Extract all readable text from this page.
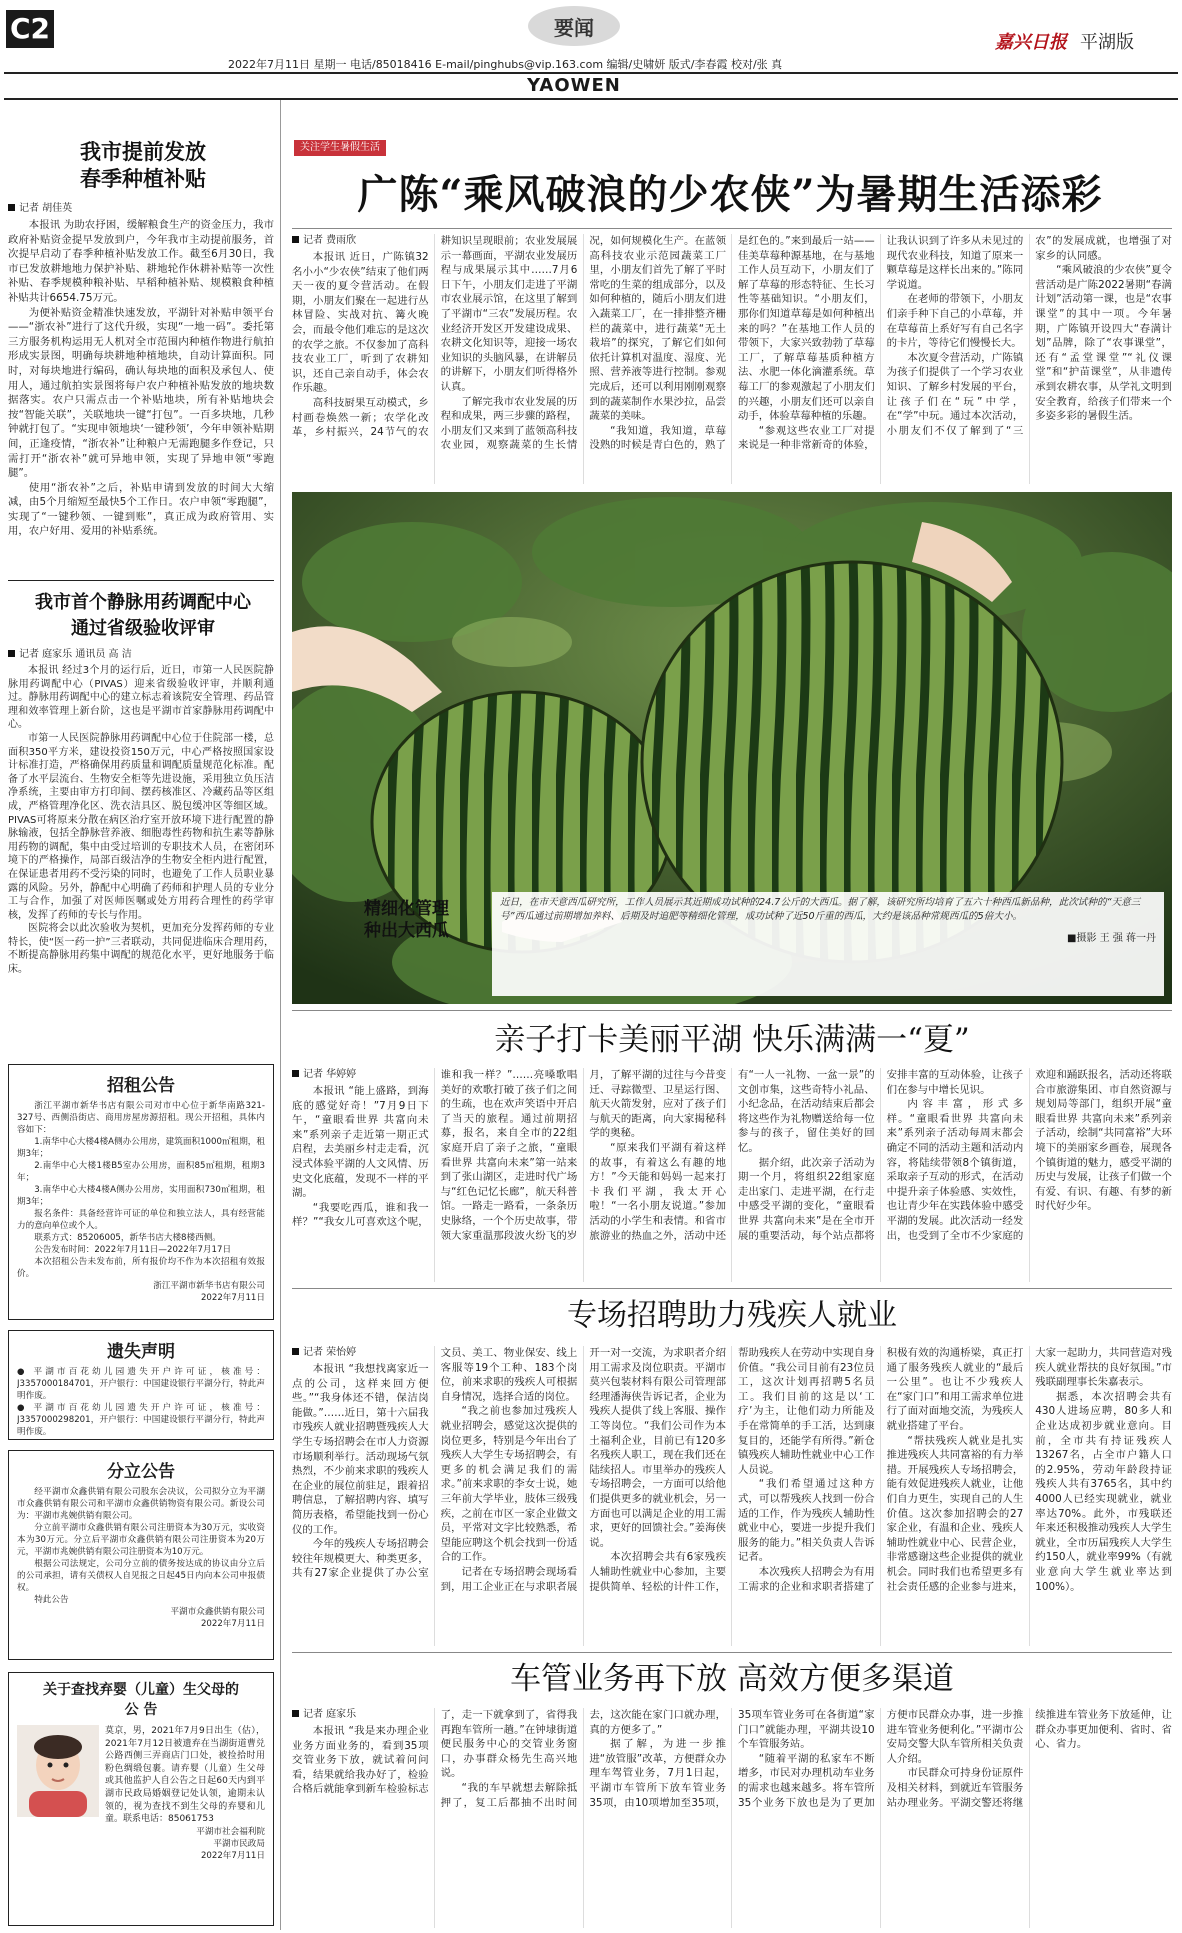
C2	要闻
嘉兴日报 平湖版
2022年7月11日 星期一 电话/85018416 E-mail/pinghubs@vip.163.com 编辑/史啸妍 版式/李春霞 校对/张 真
YAOWEN
我市提前发放
春季种植补贴
记者 胡佳英

本报讯 为助农抒困，缓解粮食生产的资金压力，我市政府补贴资金提早发放到户，今年我市主动提前服务，首次提早启动了春季种植补贴发放工作。截至6月30日，我市已发放耕地地力保护补贴、耕地轮作休耕补贴等一次性补贴、春季规模种粮补贴、早稻种植补贴、规模粮食种植补贴共计6654.75万元。

为便补贴资金精准快速发放，平湖针对补贴申领平台——“浙农补”进行了这代升级，实现“一地一码”。委托第三方服务机构运用无人机对全市范围内种植作物进行航拍形成实景图，明确每块耕地种植地块，自动计算面积。同时，对每块地进行编码，确认每块地的面积及承包人、使用人，通过航拍实景图将每户农户种植补贴发放的地块数据落实。农户只需点击一个补贴地块，所有补贴地块会按“智能关联”，关联地块一键“打包”。一百多块地，几秒钟就打包了。“实现申领地块‘一键秒领’，今年申领补贴期间，正逢疫情，“浙农补”让种粮户无需跑腿多作登记，只需打开“浙农补”就可异地申领，实现了异地申领“零跑腿”。

使用“浙农补”之后，补贴申请到发放的时间大大缩减，由5个月缩短至最快5个工作日。农户申领“零跑腿”，实现了“一键秒领、一键到账”，真正成为政府管用、实用，农户好用、爱用的补贴系统。

我市首个静脉用药调配中心
通过省级验收评审
记者 庭家乐 通讯员 高 洁

本报讯 经过3个月的运行后，近日，市第一人民医院静脉用药调配中心（PIVAS）迎来省级验收评审，并顺利通过。静脉用药调配中心的建立标志着该院安全管理、药品管理和效率管理上新台阶，这也是平湖市首家静脉用药调配中心。

市第一人民医院静脉用药调配中心位于住院部一楼，总面积350平方米，建设投资150万元，中心严格按照国家设计标准打造，严格确保用药质量和调配质量规范化标准。配备了水平层流台、生物安全柜等先进设施，采用独立负压洁净系统，主要由审方打印间、摆药核准区、冷藏药品等区组成，严格管理净化区、洗衣洁具区、脱包缓冲区等细区域。PIVAS可将原来分散在病区治疗室开放环境下进行配置的静脉输液，包括全静脉营养液、细胞毒性药物和抗生素等静脉用药物的调配，集中由受过培训的专职技术人员，在密闭环境下的严格操作，局部百级洁净的生物安全柜内进行配置，在保证患者用药不受污染的同时，也避免了工作人员职业暴露的风险。另外，静配中心明确了药师和护理人员的专业分工与合作，加强了对医师医嘱或处方用药合理性的药学审核，发挥了药师的专长与作用。

医院将会以此次验收为契机，更加充分发挥药师的专业特长，使“医一药一护”三者联动，共同促进临床合理用药，不断提高静脉用药集中调配的规范化水平，更好地服务于临床。

招租公告

浙江平湖市新华书店有限公司对市中心位于新华南路321-327号、西侧沿街店、商用房屋房源招租。现公开招租，具体内容如下：

1.南华中心大楼4楼A侧办公用房，建筑面积1000㎡租期，租期3年；

2.南华中心大楼1楼B5室办公用房，面积85㎡租期，租期3年；

3.南华中心大楼4楼A侧办公用房，实用面积730㎡租期，租期3年；

报名条件：具备经营许可证的单位和独立法人，具有经营能力的意向单位或个人。

联系方式：85206005，新华书店大楼8楼西侧。

公告发布时间：2022年7月11日—2022年7月17日

本次招租公告未发布前，所有报价均不作为本次招租有效报价。

浙江平湖市新华书店有限公司
2022年7月11日
遗失声明
● 平湖市百花幼儿园遗失开户许可证，核准号：J3357000184701，开户银行：中国建设银行平湖分行，特此声明作废。
● 平湖市百花幼儿园遗失开户许可证，核准号：J3357000298201，开户银行：中国建设银行平湖分行，特此声明作废。
分立公告

经平湖市众鑫供销有限公司股东会决议，公司拟分立为平湖市众鑫供销有限公司和平湖市众鑫供销物资有限公司。新设公司为：平湖市兆婉供销有限公司。

分立前平湖市众鑫供销有限公司注册资本为30万元，实收资本为30万元。分立后平湖市众鑫供销有限公司注册资本为20万元，平湖市兆婉供销有限公司注册资本为10万元。

根据公司法规定，公司分立前的债务按达成的协议由分立后的公司承担，请有关债权人自见报之日起45日内向本公司申报债权。

特此公告

平湖市众鑫供销有限公司
2022年7月11日
关于查找弃婴（儿童）生父母的
公 告
莫京，男，2021年7月9日出生（估），2021年7月12日被遗弃在当湖街道曹兑公路西侧三弄商店门口处，被捡拾时用粉色绸缎包裹。请弃婴（儿童）生父母或其他监护人自公告之日起60天内到平湖市民政局婚姻登记处认领，逾期未认领的，视为查找不到生父母的弃婴和儿童。联系电话：85061753
平湖市社会福利院
平湖市民政局
2022年7月11日
关注学生暑假生活
广陈“乘风破浪的少农侠”为暑期生活添彩
记者 费雨欣

本报讯 近日，广陈镇32名小小“少农侠”结束了他们两天一夜的夏令营活动。在假期，小朋友们聚在一起进行丛林冒险、实战对抗、篝火晚会，而最令他们难忘的是这次的农学之旅。不仅参加了高科技农业工厂，听到了农耕知识，还自己亲自动手，体会农作乐趣。

高科技厨果互动模式，乡村画卷焕然一新；农学化改革，乡村振兴，24节气的农耕知识呈现眼前；农业发展展示一幕画面，平湖农业发展历程与成果展示其中……7月6日下午，小朋友们走进了平湖市农业展示馆，在这里了解到了平湖市“三农”发展历程。农业经济开发区开发建设成果、农耕文化知识等，迎接一场农业知识的头脑风暴，在讲解员的讲解下，小朋友们听得格外认真。

了解完我市农业发展的历程和成果，两三步骤的路程，小朋友们又来到了蓝领高科技农业园，观察蔬菜的生长情况，如何规模化生产。在蓝领高科技农业示范园蔬菜工厂里，小朋友们首先了解了平时常吃的生菜的组成部分，以及如何种植的，随后小朋友们进入蔬菜工厂，在一排排整齐栅栏的蔬菜中，进行蔬菜“无土栽培”的探究，了解它们如何依托计算机对温度、湿度、光照、营养液等进行控制。参观完成后，还可以利用刚刚观察到的蔬菜制作水果沙拉，品尝蔬菜的美味。

“我知道，我知道，草莓没熟的时候是青白色的，熟了是红色的。”来到最后一站——佳美草莓种源基地，在与基地工作人员互动下，小朋友们了解了草莓的形态特征、生长习性等基础知识。“小朋友们，那你们知道草莓是如何种植出来的吗？”在基地工作人员的带领下，大家兴致勃勃了草莓工厂，了解草莓基质种植方法、水肥一体化滴灌系统。草莓工厂的参观激起了小朋友们的兴趣，小朋友们还可以亲自动手，体验草莓种植的乐趣。

“参观这些农业工厂对提来说是一种非常新奇的体验，让我认识到了许多从未见过的现代农业科技，知道了原来一颗草莓是这样长出来的。”陈同学说道。

在老师的带领下，小朋友们亲手种下自己的小草莓，并在草莓苗上系好写有自己名字的卡片，等待它们慢慢长大。

本次夏令营活动，广陈镇为孩子们提供了一个学习农业知识、了解乡村发展的平台，让孩子们在“玩”中学，在“学”中玩。通过本次活动，小朋友们不仅了解到了“三农”的发展成就，也增强了对家乡的认同感。

“乘风破浪的少农侠”夏令营活动是广陈2022暑期“春满计划”活动第一课，也是“农事课堂”的其中一项。今年暑期，广陈镇开设四大“春满计划”品牌，除了“农事课堂”，还有“孟堂课堂”“礼仪课堂”和“护苗课堂”，从非遗传承到农耕农事，从学礼文明到安全教育，给孩子们带来一个多姿多彩的暑假生活。

精细化管理
种出大西瓜
近日，在市天意西瓜研究所，工作人员展示其近期成功试种的24.7公斤的大西瓜。据了解，该研究所均培育了五六十种西瓜新品种，此次试种的“天意三号”西瓜通过前期增加养料、后期及时追肥等精细化管理，成功试种了近50斤重的西瓜，大约是该品种常规西瓜的5倍大小。
■摄影 王 强 蒋一丹
亲子打卡美丽平湖 快乐满满一“夏”
记者 华婷婷

本报讯 “能上盛路，到海底的感觉好奇！”7月9日下午，“童眼看世界 共富向未来”系列亲子走近第一期正式启程，去美丽乡村走走看，沉浸式体验平湖的人文风情、历史文化底蕴，发现不一样的平湖。

“我要吃西瓜，谁和我一样？”“我女儿可喜欢这个呢，谁和我一样？”……亮嗓歌唱美好的欢歌打破了孩子们之间的生疏，也在欢声笑语中开启了当天的旅程。通过前期招募，报名，来自全市的22组家庭开启了亲子之旅，“童眼看世界 共富向未来”第一站来到了张山湖区，走进时代广场与“红色记忆长廊”，航天科普馆。一路走一路看，一条条历史脉络，一个个历史故事，带领大家重温那段波火纷飞的岁月，了解平湖的过往与今昔变迁、寻踪微型、卫星运行图、航天火箭发射，应对了孩子们与航天的距离，向大家揭秘科学的奥秘。

“原来我们平湖有着这样的故事，有着这么有趣的地方！”今天能和妈妈一起来打卡我们平湖，我太开心啦！“一名小朋友说道。”参加活动的小学生和表情。和省市旅游业的热血之外，活动中还有“一人一礼物、一盆一景”的文创市集，这些奇特小礼品、小纪念品，在活动结束后都会将这些作为礼物赠送给每一位参与的孩子，留住美好的回忆。

据介绍，此次亲子活动为期一个月，将组织22组家庭走出家门、走进平湖，在行走中感受平湖的变化，“童眼看世界 共富向未来”是在全市开展的重要活动，每个站点都将安排丰富的互动体验，让孩子们在参与中增长见识。

内容丰富，形式多样。“童眼看世界 共富向未来”系列亲子活动每周末都会确定不同的活动主题和活动内容，将陆续带领8个镇街道，采取亲子互动的形式，在活动中提升亲子体验感、实效性，也让青少年在实践体验中感受平湖的发展。此次活动一经发出，也受到了全市不少家庭的欢迎和踊跃报名，活动还将联合市旅游集团、市自然资源与规划局等部门，组织开展“童眼看世界 共富向未来”系列亲子活动，绘制“共同富裕”大环境下的美丽家乡画卷，展现各个镇街道的魅力，感受平湖的历史与发展，让孩子们做一个有爱、有识、有趣、有梦的新时代好少年。

专场招聘助力残疾人就业
记者 荣怡婷

本报讯 “我想找离家近一点的公司，这样来回方便些。”“我身体还不错，保洁岗能做。”……近日，第十六届我市残疾人就业招聘暨残疾人大学生专场招聘会在市人力资源市场顺利举行。活动现场气氛热烈，不少前来求职的残疾人在企业的展位前驻足，跟着招聘信息，了解招聘内容、填写简历表格，希望能找到一份心仪的工作。

今年的残疾人专场招聘会较往年规模更大、种类更多，共有27家企业提供了办公室文员、美工、物业保安、线上客服等19个工种、183个岗位，前来求职的残疾人可根据自身情况，选择合适的岗位。

“我之前也参加过残疾人就业招聘会，感觉这次提供的岗位更多，特别是今年出台了残疾人大学生专场招聘会，有更多的机会满足我们的需求。”前来求职的李女士说，她三年前大学毕业，肢体三级残疾，之前在市区一家企业做文员，平常对文字比较熟悉，希望能应聘这个机会找到一份适合的工作。

记者在专场招聘会现场看到，用工企业正在与求职者展开一对一交流，为求职者介绍用工需求及岗位职责。平湖市莫兴包装材料有限公司管理部经理潘海侠告诉记者，企业为残疾人提供了线上客服、操作工等岗位。“我们公司作为本土福利企业，目前已有120多名残疾人职工，现在我们还在陆续招人。市里举办的残疾人专场招聘会，一方面可以给他们提供更多的就业机会，另一方面也可以满足企业的用工需求，更好的回馈社会。”姜海侠说。

本次招聘会共有6家残疾人辅助性就业中心参加，主要提供简单、轻松的计件工作，帮助残疾人在劳动中实现自身价值。“我公司目前有23位员工，这次计划再招聘5名员工。我们目前的这是以‘工疗’为主，让他们动力所能及手在常简单的手工活，达到康复目的，还能学有所得。”新仓镇残疾人辅助性就业中心工作人员说。

“我们希望通过这种方式，可以帮残疾人找到一份合适的工作，作为残疾人辅助性就业中心，要进一步提升我们服务的能力。”相关负责人告诉记者。

本次残疾人招聘会为有用工需求的企业和求职者搭建了积极有效的沟通桥梁，真正打通了服务残疾人就业的“最后一公里”。也让不少残疾人在“家门口”和用工需求单位进行了面对面地交流，为残疾人就业搭建了平台。

“帮扶残疾人就业是扎实推进残疾人共同富裕的有力举措。开展残疾人专场招聘会，能有效促进残疾人就业，让他们自力更生，实现自己的人生价值。这次参加招聘会的27家企业，有温和企业、残疾人辅助性就业中心、民营企业，非常感谢这些企业提供的就业机会。同时我们也希望更多有社会责任感的企业参与进来，大家一起助力，共同营造对残疾人就业帮扶的良好氛围。”市残联副理事长朱嘉表示。

据悉，本次招聘会共有430人进场应聘，80多人和企业达成初步就业意向。目前，全市共有持证残疾人13267名，占全市户籍人口的2.95%，劳动年龄段持证残疾人共有3765名，其中约4000人已经实现就业，就业率达70%。此外，市残联还年来还积极推动残疾人大学生就业，全市历届残疾人大学生约150人，就业率99%（有就业意向大学生就业率达到100%）。

车管业务再下放 高效方便多渠道
记者 庭家乐

本报讯 “我是来办理企业业务方面业务的，看到35项交管业务下放，就试着问问看，结果就给我办好了，检验合格后就能拿到新车检验标志了，走一下就拿到了，省得我再跑车管所一趟。”在钟埭街道便民服务中心的交管业务窗口，办事群众杨先生高兴地说。

“我的车早就想去解除抵押了，复工后都抽不出时间去，这次能在家门口就办理，真的方便多了。”

据了解，为进一步推进“放管服”改革，方便群众办理车驾管业务，7月1日起，平湖市车管所下放车管业务35项，由10项增加至35项，35项车管业务可在各街道“家门口”就能办理，平湖共设10个车管服务站。

“随着平湖的私家车不断增多，市民对办理机动车业务的需求也越来越多。将车管所35个业务下放也是为了更加方便市民群众办事，进一步推进车管业务便利化。”平湖市公安局交警大队车管所相关负责人介绍。

市民群众可持身份证原件及相关材料，到就近车管服务站办理业务。平湖交警还将继续推进车管业务下放延伸，让群众办事更加便利、省时、省心、省力。
